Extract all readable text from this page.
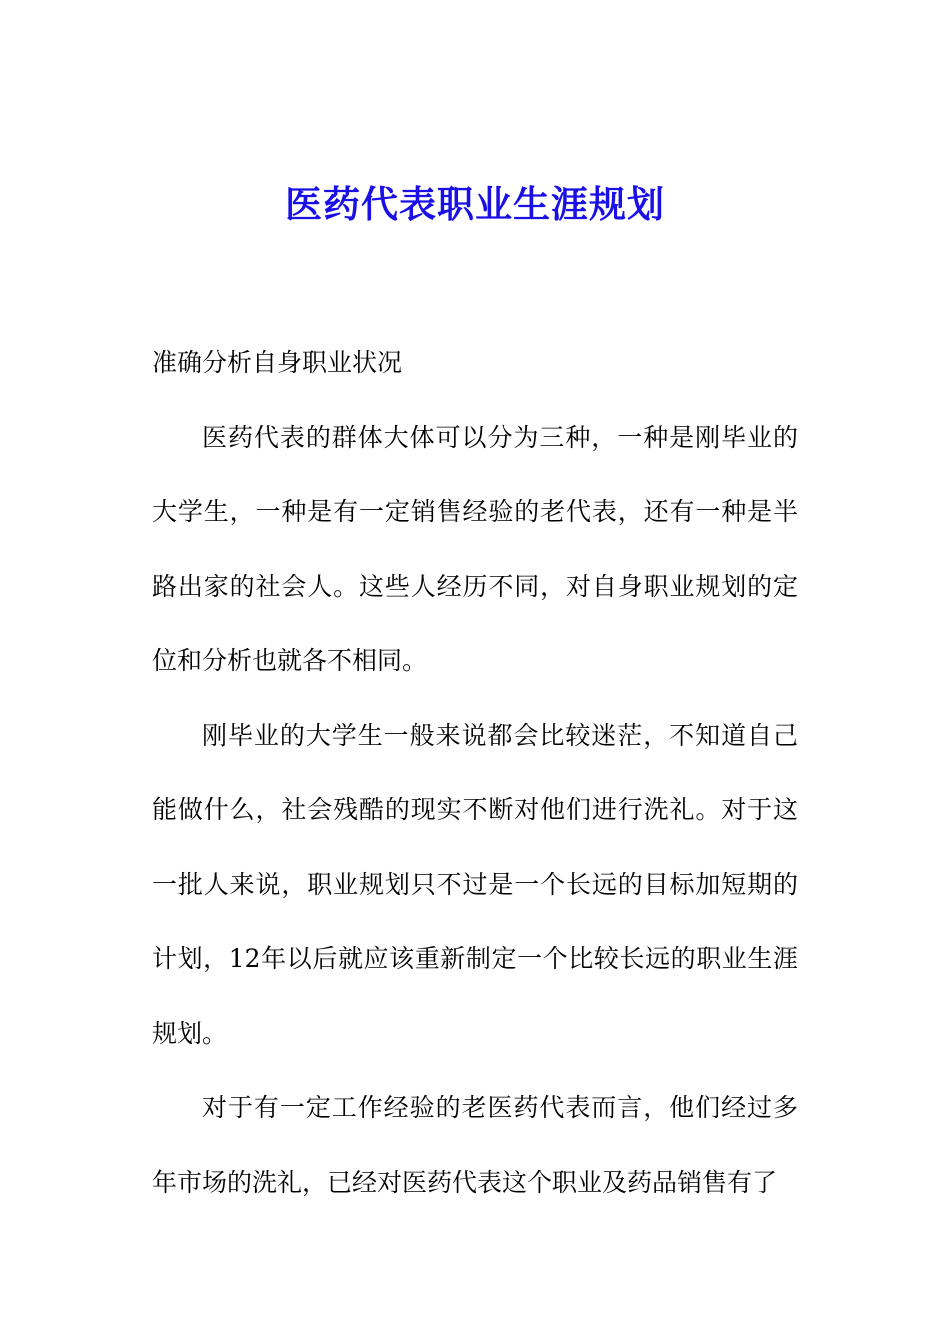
医药代表职业生涯规划
准确分析自身职业状况

医药代表的群体大体可以分为三种，一种是刚毕业的大学生，一种是有一定销售经验的老代表，还有一种是半路出家的社会人。这些人经历不同，对自身职业规划的定位和分析也就各不相同。

刚毕业的大学生一般来说都会比较迷茫，不知道自己能做什么，社会残酷的现实不断对他们进行洗礼。对于这一批人来说，职业规划只不过是一个长远的目标加短期的计划，12年以后就应该重新制定一个比较长远的职业生涯规划。

对于有一定工作经验的老医药代表而言，他们经过多年市场的洗礼，已经对医药代表这个职业及药品销售有了
